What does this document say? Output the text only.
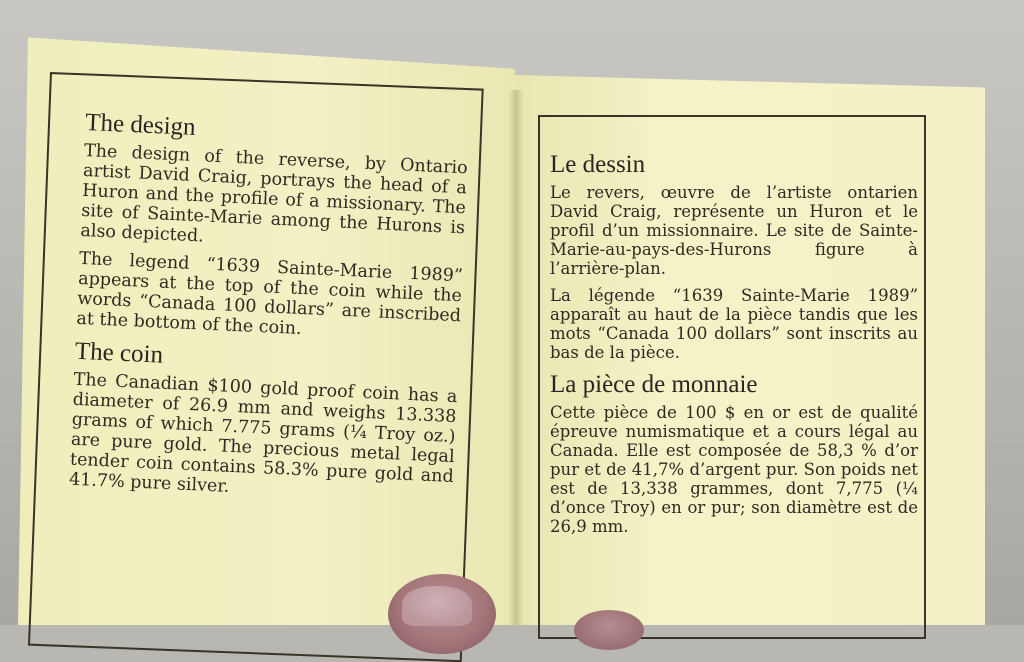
The design

The design of the reverse, by Ontario artist David Craig, portrays the head of a Huron and the profile of a missionary. The site of Sainte-Marie among the Hurons is also depicted.

The legend “1639 Sainte-Marie 1989” appears at the top of the coin while the words “Canada 100 dollars” are inscribed at the bottom of the coin.

The coin

The Canadian $100 gold proof coin has a diameter of 26.9 mm and weighs 13.338 grams of which 7.775 grams (¼ Troy oz.) are pure gold. The precious metal legal tender coin contains 58.3% pure gold and 41.7% pure silver.

Le dessin

Le revers, œuvre de l’artiste ontarien David Craig, représente un Huron et le profil d’un missionnaire. Le site de Sainte-Marie-au-pays-des-Hurons figure à l’arrière-plan.

La légende “1639 Sainte-Marie 1989” apparaît au haut de la pièce tandis que les mots “Canada 100 dollars” sont inscrits au bas de la pièce.

La pièce de monnaie

Cette pièce de 100 $ en or est de qualité épreuve numismatique et a cours légal au Canada. Elle est composée de 58,3 % d’or pur et de 41,7% d’argent pur. Son poids net est de 13,338 grammes, dont 7,775 (¼ d’once Troy) en or pur; son diamètre est de 26,9 mm.
